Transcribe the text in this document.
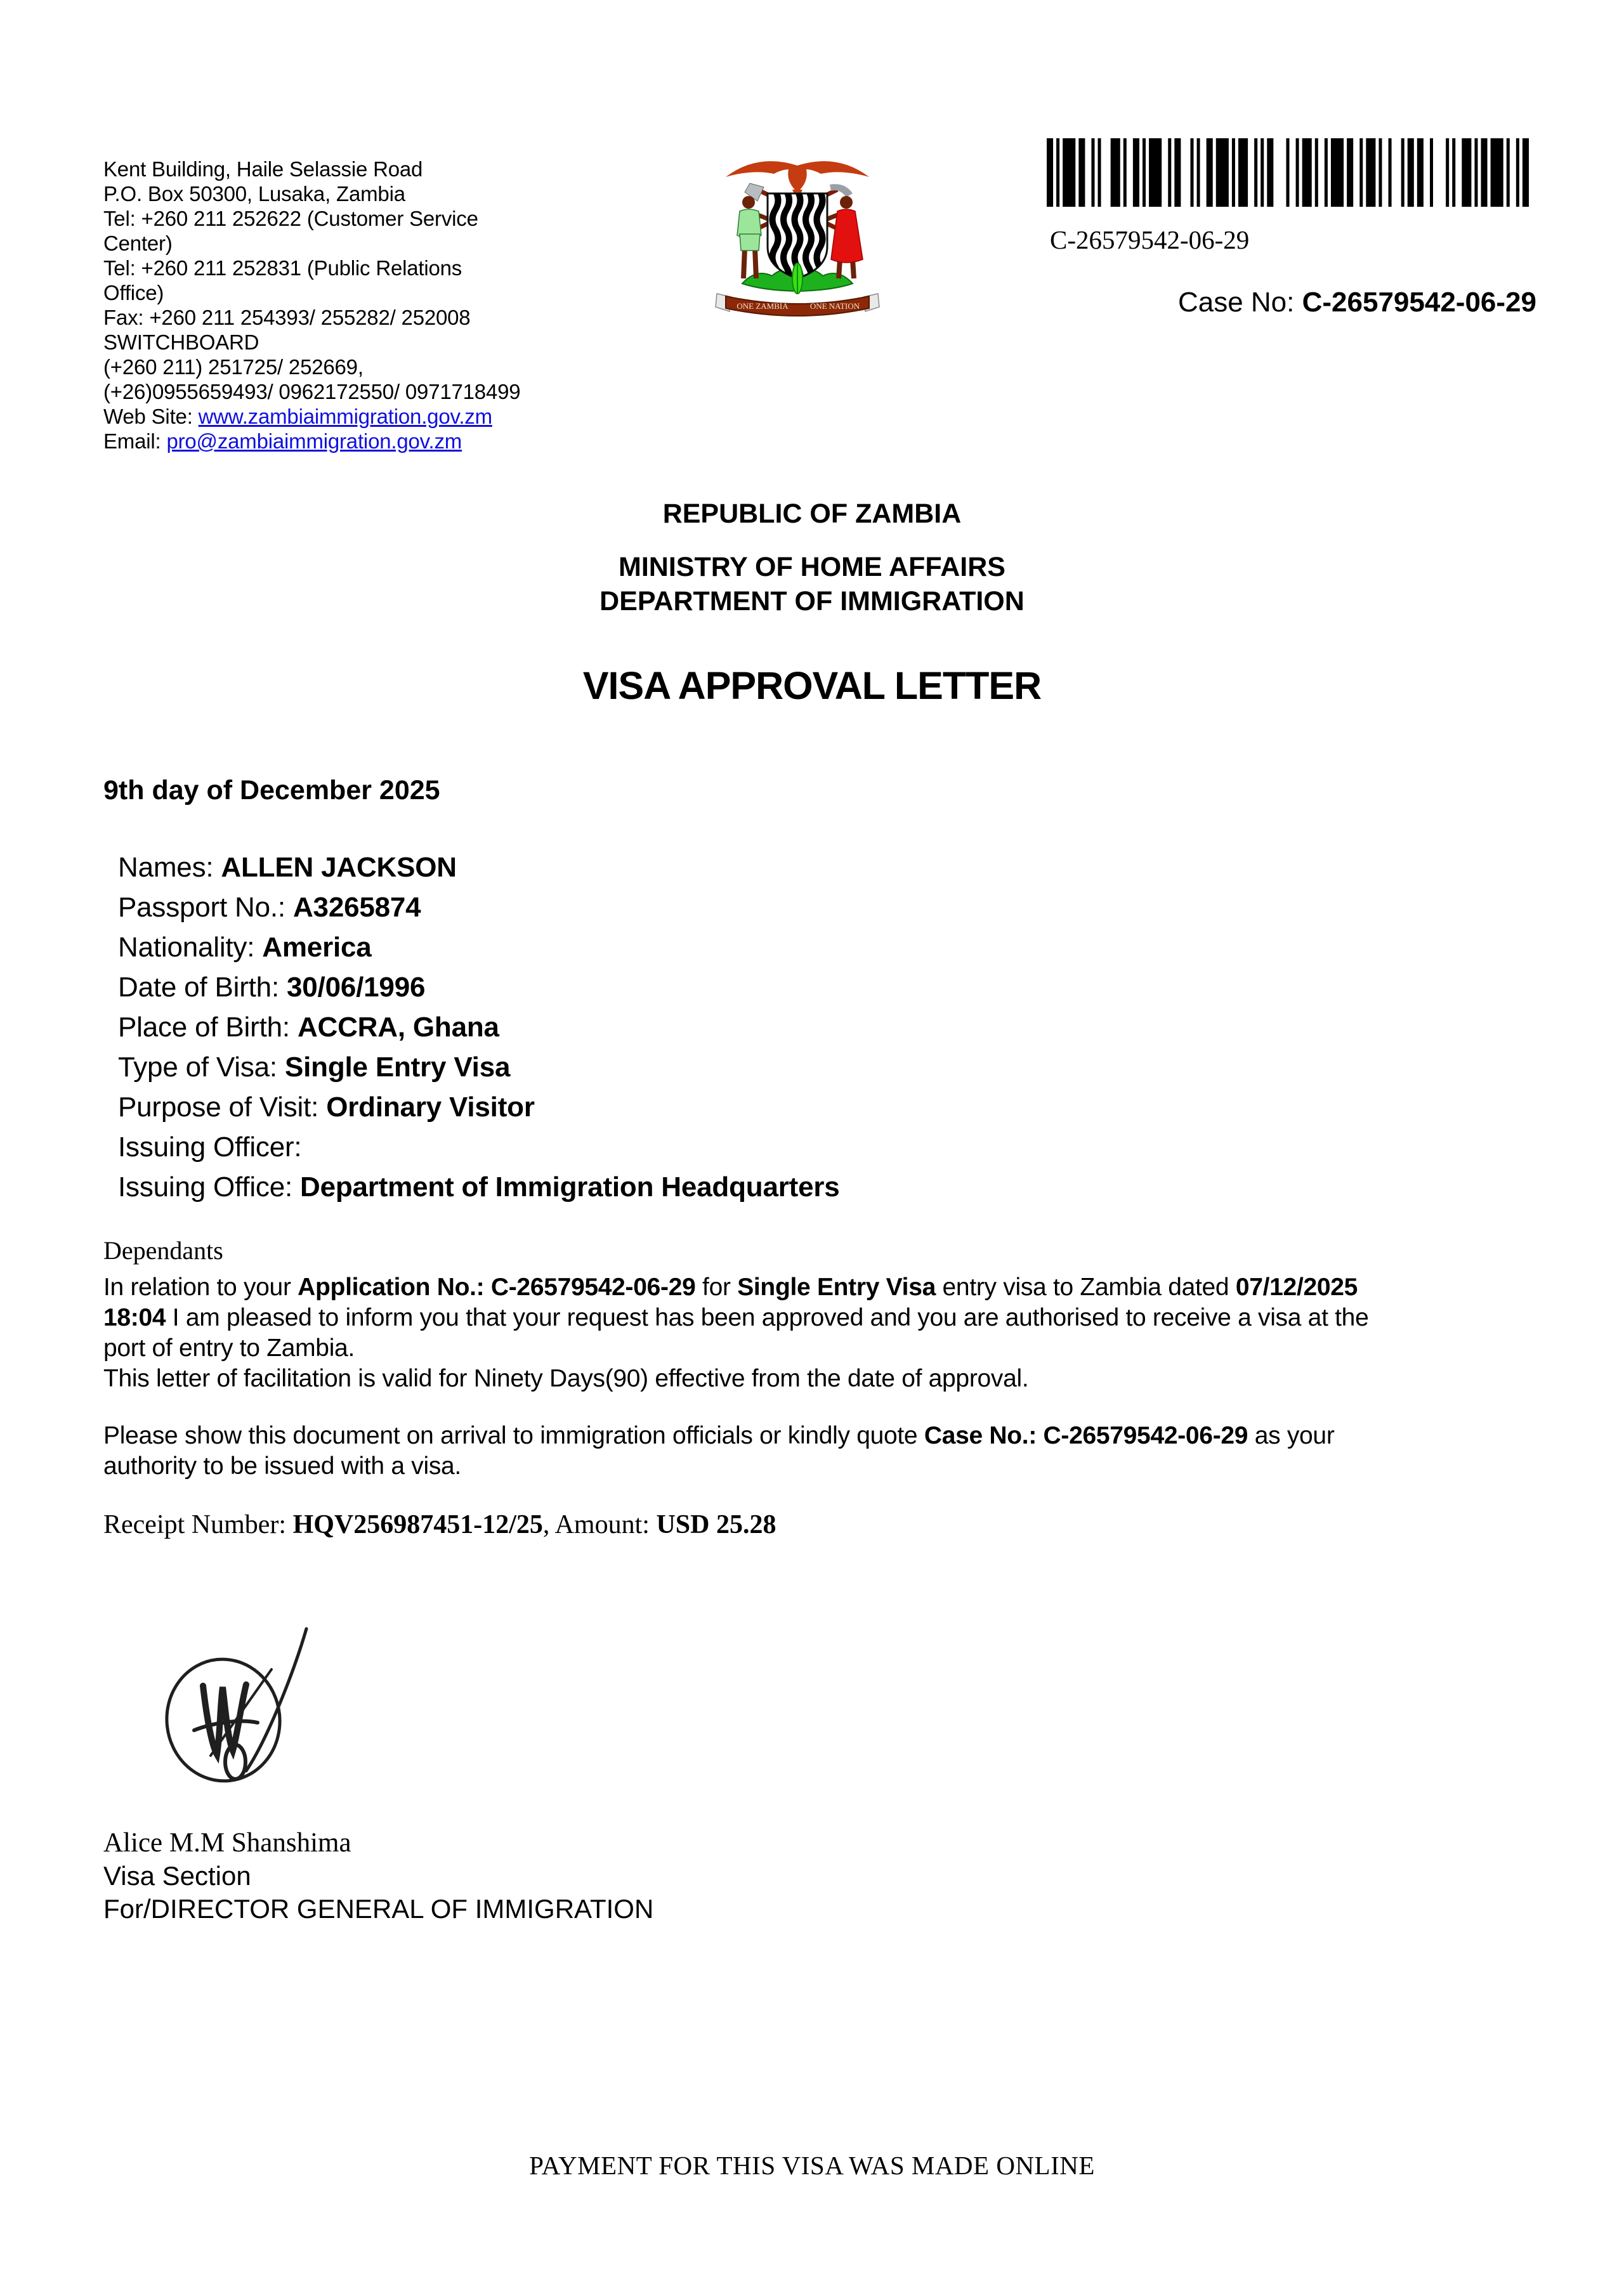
Kent Building, Haile Selassie Road
P.O. Box 50300, Lusaka, Zambia
Tel: +260 211 252622 (Customer Service
Center)
Tel: +260 211 252831 (Public Relations
Office)
Fax: +260 211 254393/ 255282/ 252008
SWITCHBOARD
(+260 211) 251725/ 252669,
(+26)0955659493/ 0962172550/ 0971718499
Web Site: www.zambiaimmigration.gov.zm
Email: pro@zambiaimmigration.gov.zm
ONE ZAMBIA	ONE NATION
C-26579542-06-29
Case No: C-26579542-06-29
REPUBLIC OF ZAMBIA
MINISTRY OF HOME AFFAIRS
DEPARTMENT OF IMMIGRATION
VISA APPROVAL LETTER
9th day of December 2025
Names: ALLEN JACKSON
Passport No.: A3265874
Nationality: America
Date of Birth: 30/06/1996
Place of Birth: ACCRA, Ghana
Type of Visa: Single Entry Visa
Purpose of Visit: Ordinary Visitor
Issuing Officer:
Issuing Office: Department of Immigration Headquarters
Dependants
In relation to your Application No.: C-26579542-06-29 for Single Entry Visa entry visa to Zambia dated 07/12/2025
18:04 I am pleased to inform you that your request has been approved and you are authorised to receive a visa at the
port of entry to Zambia.
This letter of facilitation is valid for Ninety Days(90) effective from the date of approval.
Please show this document on arrival to immigration officials or kindly quote Case No.: C-26579542-06-29 as your
authority to be issued with a visa.
Receipt Number: HQV256987451-12/25, Amount: USD 25.28
Alice M.M Shanshima
Visa Section
For/DIRECTOR GENERAL OF IMMIGRATION
PAYMENT FOR THIS VISA WAS MADE ONLINE
